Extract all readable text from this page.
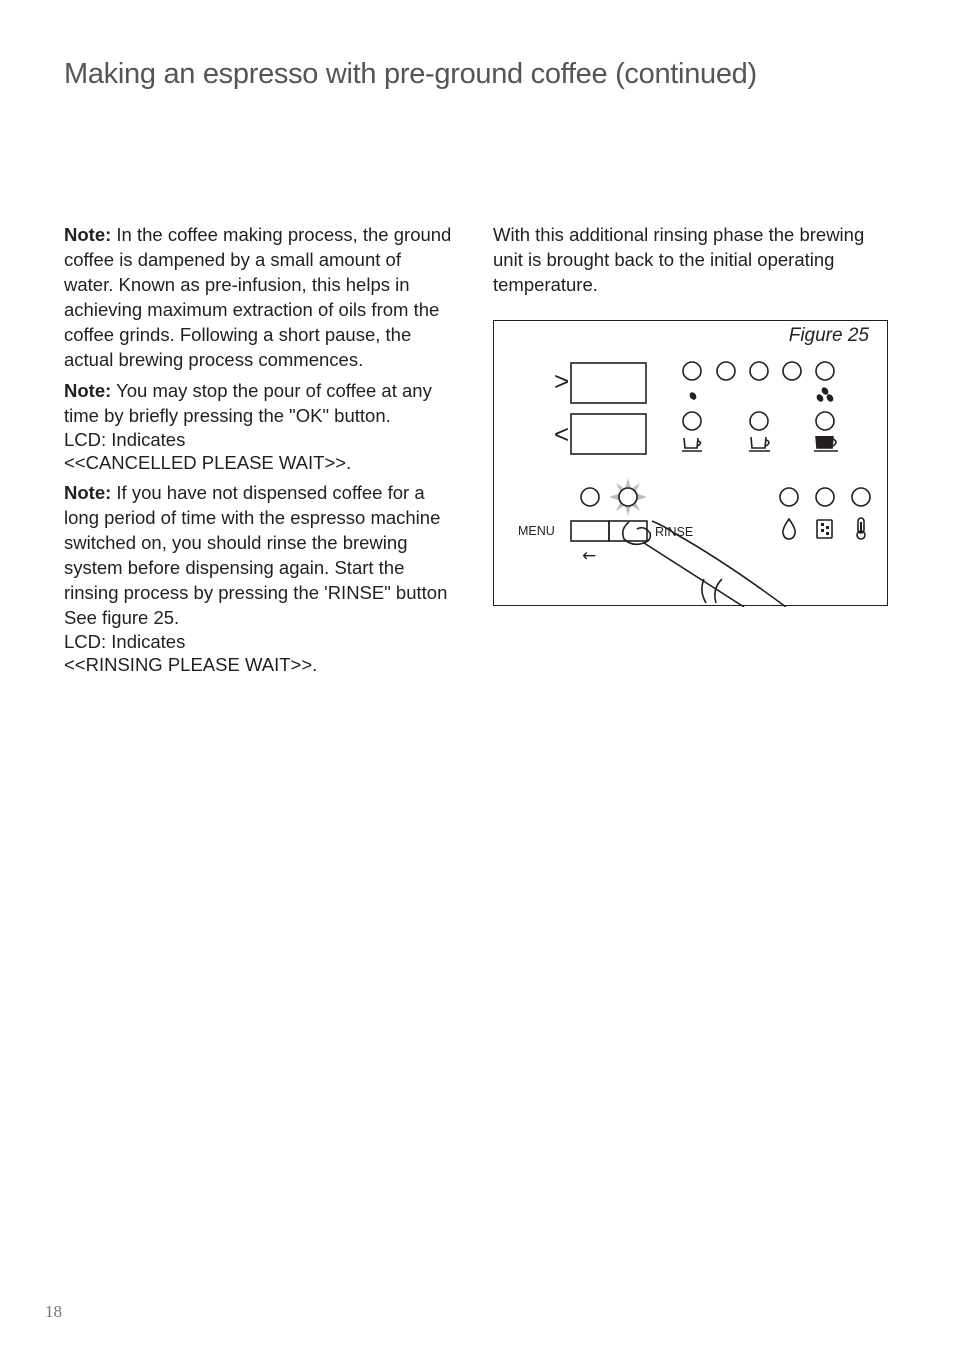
Making an espresso with pre-ground coffee (continued)

Note: In the coffee making process, the ground coffee is dampened by a small amount of water. Known as pre-infusion, this helps in achieving maximum extraction of oils from the coffee grinds. Following a short pause, the actual brewing process commences.

Note: You may stop the pour of coffee at any time by briefly pressing the "OK" button.
LCD: Indicates
<<CANCELLED PLEASE WAIT>>.

Note: If you have not dispensed coffee for a long period of time with the espresso machine switched on, you should rinse the brewing system before dispensing again. Start the rinsing process by pressing the 'RINSE" button See figure 25.
LCD: Indicates
<<RINSING PLEASE WAIT>>.

With this additional rinsing phase the brewing unit is brought back to the initial operating temperature.

>
<
MENU	RINSE
←
Figure 25
18
